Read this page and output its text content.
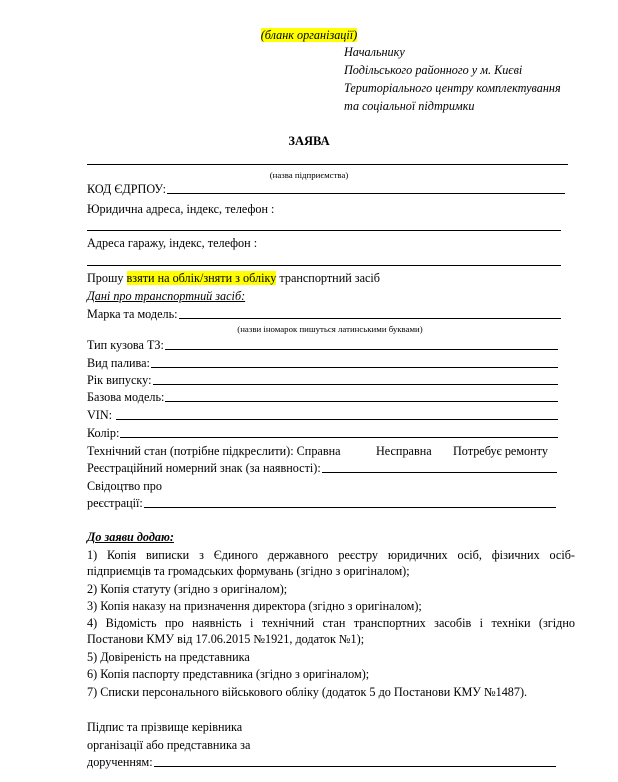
(бланк організації)
Начальнику
Подільського районного у м. Києві
Територіального центру комплектування
та соціальної підтримки
ЗАЯВА
(назва підприємства)
КОД ЄДРПОУ:
Юридична адреса, індекс, телефон :
Адреса гаражу, індекс, телефон :
Прошу взяти на облік/зняти з обліку транспортний засіб
Дані про транспортний засіб:
Марка та модель:
(назви іномарок пишуться латинськими буквами)
Тип кузова ТЗ:
Вид палива:
Рік випуску:
Базова модель:
VIN:
Колір:
Технічний стан (потрібне підкреслити): Справна	Несправна Потребує ремонту
Реєстраційний номерний знак (за наявності):
Свідоцтво про
реєстрації:
До заяви додаю:
1) Копія виписки з Єдиного державного реєстру юридичних осіб, фізичних осіб-
підприємців та громадських формувань (згідно з оригіналом);
2) Копія статуту (згідно з оригіналом);
3) Копія наказу на призначення директора (згідно з оригіналом);
4) Відомість про наявність і технічний стан транспортних засобів і техніки (згідно
Постанови КМУ від 17.06.2015 №1921, додаток №1);
5) Довіреність на представника
6) Копія паспорту представника (згідно з оригіналом);
7) Списки персонального військового обліку (додаток 5 до Постанови КМУ №1487).
Підпис та прізвище керівника
організації або представника за
дорученням:
